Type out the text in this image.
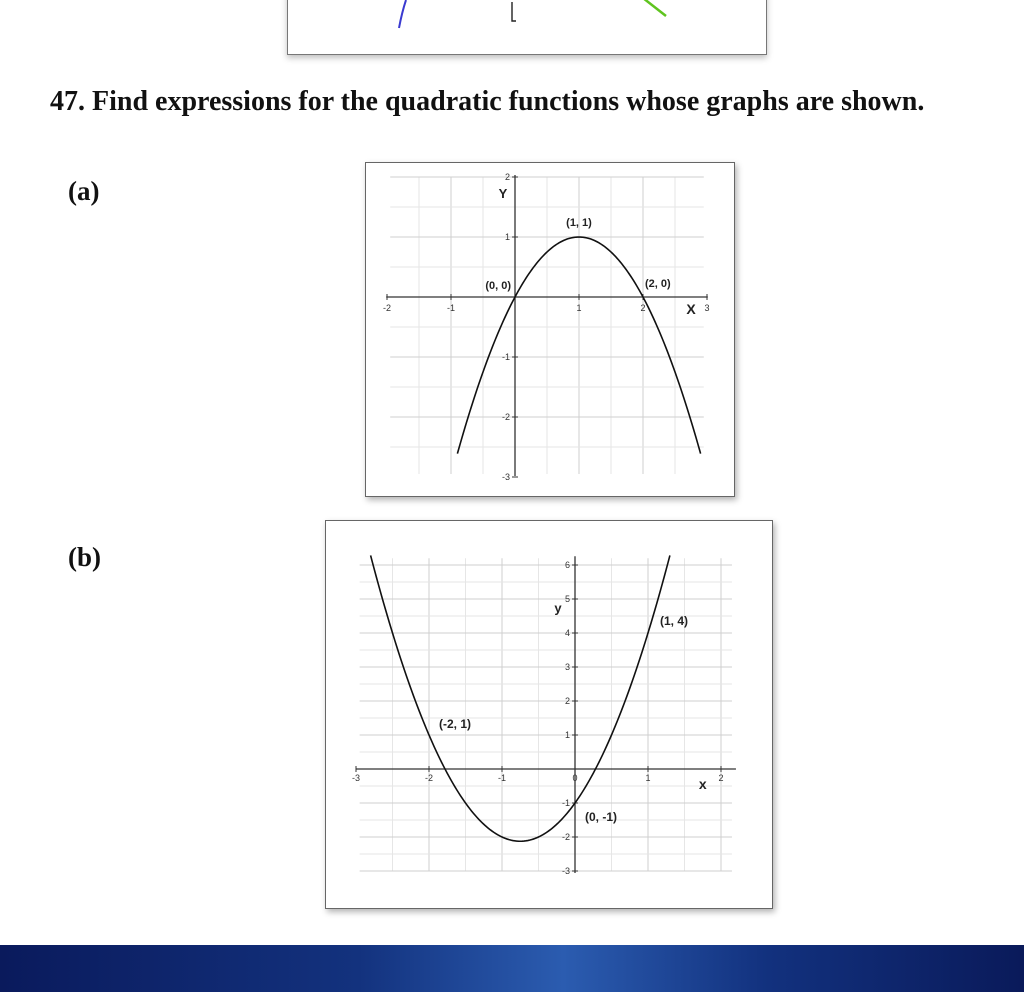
47. Find expressions for the quadratic functions whose graphs are shown.
(a)
(b)
-2	-1	1	2	3
2
1
-1
-2
-3
Y
X
(0, 0)
(1, 1)
(2, 0)
-3	-2	-1	0	1	2
6
5
4
3
2
1
-1
-2
-3
y
x
(-2, 1)
(0, -1)
(1, 4)
